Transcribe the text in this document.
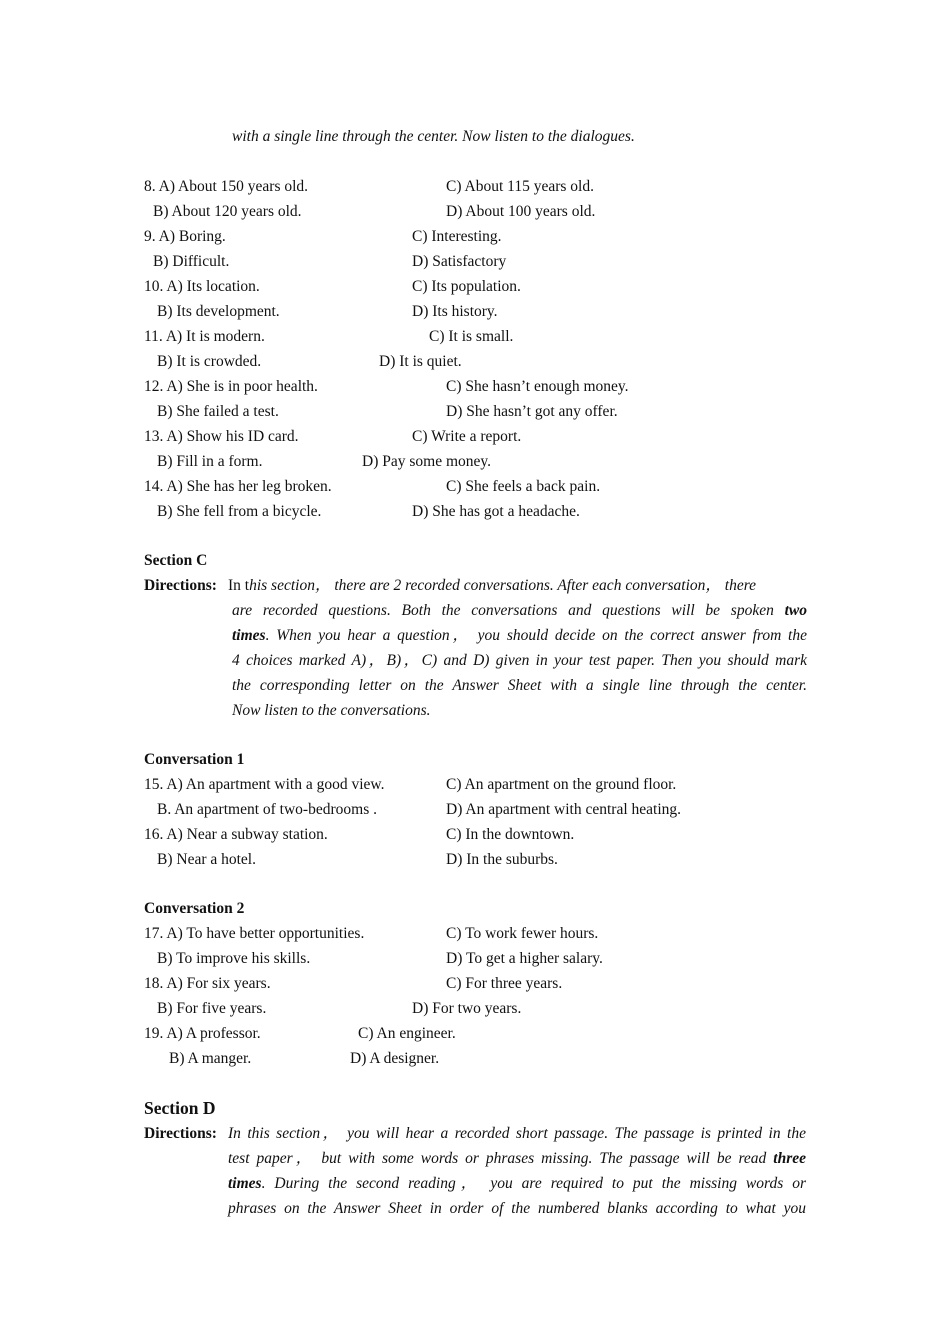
with a single line through the center. Now listen to the dialogues.
8. A) About 150 years old.	C) About 115 years old.
B) About 120 years old.	D) About 100 years old.
9. A) Boring.	C) Interesting.
B) Difficult.	D) Satisfactory
10. A) Its location.	C) Its population.
B) Its development.	D) Its history.
11. A) It is modern.	C) It is small.
B) It is crowded.	D) It is quiet.
12. A) She is in poor health.	C) She hasn’t enough money.
B) She failed a test.	D) She hasn’t got any offer.
13. A) Show his ID card.	C) Write a report.
B) Fill in a form.	D) Pay some money.
14. A) She has her leg broken.	C) She feels a back pain.
B) She fell from a bicycle.	D) She has got a headache.
Section C
Directions: In this section， there are 2 recorded conversations. After each conversation， there
are recorded questions. Both the conversations and questions will be spoken two
times. When you hear a question， you should decide on the correct answer from the
4 choices marked A)，B)，C) and D) given in your test paper. Then you should mark
the corresponding letter on the Answer Sheet with a single line through the center.
Now listen to the conversations.
Conversation 1
15. A) An apartment with a good view.	C) An apartment on the ground floor.
B. An apartment of two-bedrooms .	D) An apartment with central heating.
16. A) Near a subway station.	C) In the downtown.
B) Near a hotel.	D) In the suburbs.
Conversation 2
17. A) To have better opportunities.	C) To work fewer hours.
B) To improve his skills.	D) To get a higher salary.
18. A) For six years.	C) For three years.
B) For five years.	D) For two years.
19. A) A professor.	C) An engineer.
B) A manger.	D) A designer.
Section D
Directions: In this section， you will hear a recorded short passage. The passage is printed in the
test paper， but with some words or phrases missing. The passage will be read three
times. During the second reading， you are required to put the missing words or
phrases on the Answer Sheet in order of the numbered blanks according to what you
